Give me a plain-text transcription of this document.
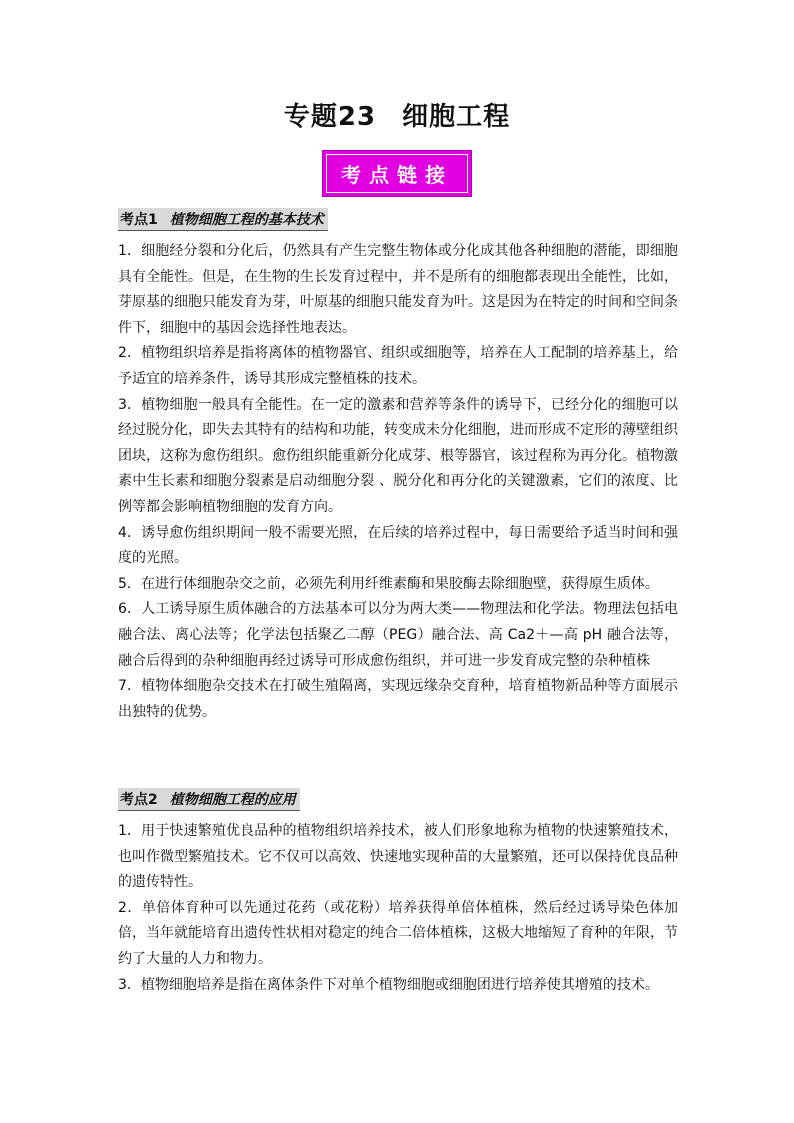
专题23 细胞工程
考点链接
考点1 植物细胞工程的基本技术

1．细胞经分裂和分化后，仍然具有产生完整生物体或分化成其他各种细胞的潜能，即细胞具有全能性。但是，在生物的生长发育过程中，并不是所有的细胞都表现出全能性，比如，芽原基的细胞只能发育为芽，叶原基的细胞只能发育为叶。这是因为在特定的时间和空间条件下，细胞中的基因会选择性地表达。

2．植物组织培养是指将离体的植物器官、组织或细胞等，培养在人工配制的培养基上，给予适宜的培养条件，诱导其形成完整植株的技术。

3．植物细胞一般具有全能性。在一定的激素和营养等条件的诱导下，已经分化的细胞可以经过脱分化，即失去其特有的结构和功能，转变成未分化细胞，进而形成不定形的薄壁组织团块，这称为愈伤组织。愈伤组织能重新分化成芽、根等器官，该过程称为再分化。植物激素中生长素和细胞分裂素是启动细胞分裂 、脱分化和再分化的关键激素，它们的浓度、比例等都会影响植物细胞的发育方向。

4．诱导愈伤组织期间一般不需要光照，在后续的培养过程中，每日需要给予适当时间和强度的光照。

5．在进行体细胞杂交之前，必须先利用纤维素酶和果胶酶去除细胞壁，获得原生质体。

6．人工诱导原生质体融合的方法基本可以分为两大类——物理法和化学法。物理法包括电融合法、离心法等；化学法包括聚乙二醇（PEG）融合法、高 Ca2＋—高 pH 融合法等，融合后得到的杂种细胞再经过诱导可形成愈伤组织，并可进一步发育成完整的杂种植株

7．植物体细胞杂交技术在打破生殖隔离，实现远缘杂交育种，培育植物新品种等方面展示出独特的优势。

考点2 植物细胞工程的应用

1．用于快速繁殖优良品种的植物组织培养技术，被人们形象地称为植物的快速繁殖技术，也叫作微型繁殖技术。它不仅可以高效、快速地实现种苗的大量繁殖，还可以保持优良品种的遗传特性。

2．单倍体育种可以先通过花药（或花粉）培养获得单倍体植株，然后经过诱导染色体加倍，当年就能培育出遗传性状相对稳定的纯合二倍体植株，这极大地缩短了育种的年限，节约了大量的人力和物力。

3．植物细胞培养是指在离体条件下对单个植物细胞或细胞团进行培养使其增殖的技术。
